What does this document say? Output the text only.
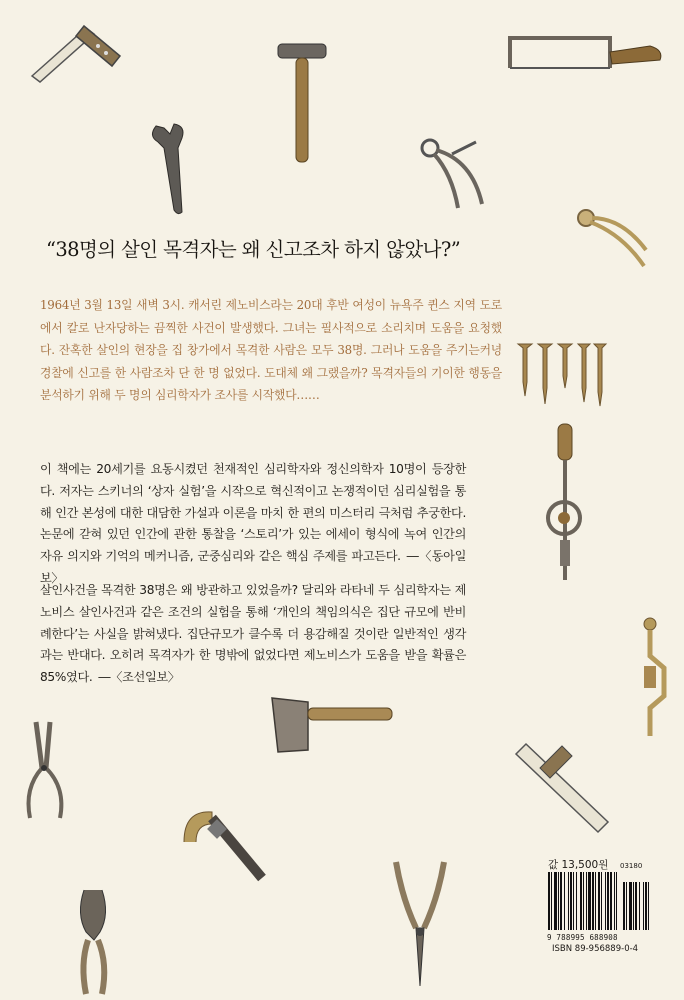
“38명의 살인 목격자는 왜 신고조차 하지 않았나?”

1964년 3월 13일 새벽 3시. 캐서린 제노비스라는 20대 후반 여성이 뉴욕주 퀸스 지역 도로에서 칼로 난자당하는 끔찍한 사건이 발생했다. 그녀는 필사적으로 소리치며 도움을 요청했다. 잔혹한 살인의 현장을 집 창가에서 목격한 사람은 모두 38명. 그러나 도움을 주기는커녕 경찰에 신고를 한 사람조차 단 한 명 없었다. 도대체 왜 그랬을까? 목격자들의 기이한 행동을 분석하기 위해 두 명의 심리학자가 조사를 시작했다……

이 책에는 20세기를 요동시켰던 천재적인 심리학자와 정신의학자 10명이 등장한다. 저자는 스키너의 ‘상자 실험’을 시작으로 혁신적이고 논쟁적이던 심리실험을 통해 인간 본성에 대한 대담한 가설과 이론을 마치 한 편의 미스터리 극처럼 추궁한다. 논문에 갇혀 있던 인간에 관한 통찰을 ‘스토리’가 있는 에세이 형식에 녹여 인간의 자유 의지와 기억의 메커니즘, 군중심리와 같은 핵심 주제를 파고든다. ―〈동아일보〉

살인사건을 목격한 38명은 왜 방관하고 있었을까? 달리와 라타네 두 심리학자는 제노비스 살인사건과 같은 조건의 실험을 통해 ‘개인의 책임의식은 집단 규모에 반비례한다’는 사실을 밝혀냈다. 집단규모가 클수록 더 용감해질 것이란 일반적인 생각과는 반대다. 오히려 목격자가 한 명밖에 없었다면 제노비스가 도움을 받을 확률은 85%였다. ―〈조선일보〉

값 13,500원 03180
9 788995 688908
ISBN 89-956889-0-4
